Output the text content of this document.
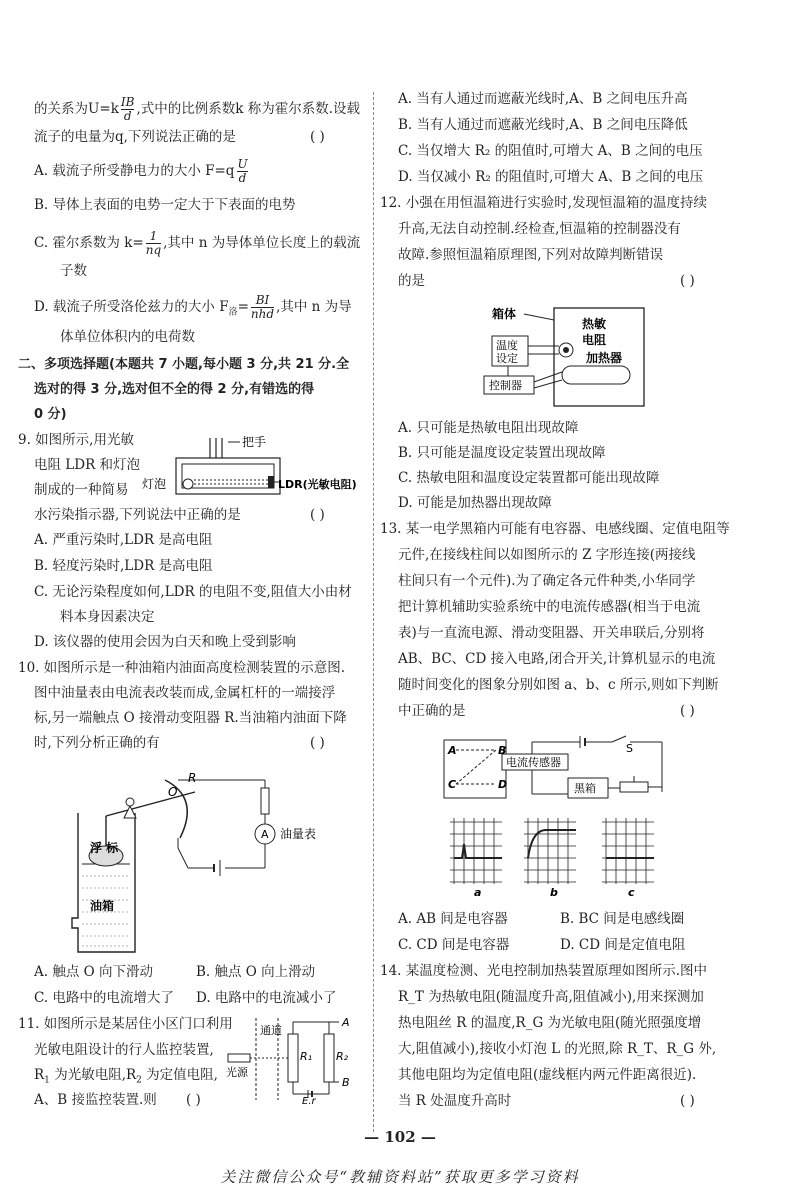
的关系为$U=k \frac{IB}{d}$ ,式中的比例系数k 称为霍尔系数.设载
流子的电量为q,下列说法正确的是	( )
A. 载流子所受静电力的大小 $F=q \frac{U}{d}$
B. 导体上表面的电势一定大于下表面的电势
C. 霍尔系数为 $k= \frac{1}{nq}$ ,其中 n 为导体单位长度上的载流
子数
D. 载流子所受洛伦兹力的大小 $F_洛=$ BI
nhd ,其中 n 为导
体单位体积内的电荷数
二、多项选择题(本题共 7 小题,每小题 3 分,共 21 分.全
选对的得 3 分,选对但不全的得 2 分,有错选的得
0 分)
9. 如图所示,用光敏
电阻 LDR 和灯泡
制成的一种简易
水污染指示器,下列说法中正确的是	( )
把手
灯泡	LDR(光敏电阻)
A. 严重污染时,LDR 是高电阻
B. 轻度污染时,LDR 是高电阻
C. 无论污染程度如何,LDR 的电阻不变,阻值大小由材
料本身因素决定
D. 该仪器的使用会因为白天和晚上受到影响
10. 如图所示是一种油箱内油面高度检测装置的示意图.
图中油量表由电流表改装而成,金属杠杆的一端接浮
标,另一端触点 O 接滑动变阻器 R.当油箱内油面下降
时,下列分析正确的有	( )
R
O
A 油量表
浮 标
油箱
A. 触点 O 向下滑动	B. 触点 O 向上滑动
C. 电路中的电流增大了 D. 电路中的电流减小了
11. 如图所示是某居住小区门口利用
光敏电阻设计的行人监控装置,
$R_1$ 为光敏电阻$,R_2$ 为定值电阻,
A、B 接监控装置.则 ( )
通道
光源
R₁ R₂
A
B
E,r
A. 当有人通过而遮蔽光线时,A、B 之间电压升高
B. 当有人通过而遮蔽光线时,A、B 之间电压降低
C. 当仅增大 R₂ 的阻值时,可增大 A、B 之间的电压
D. 当仅减小 R₂ 的阻值时,可增大 A、B 之间的电压
12. 小强在用恒温箱进行实验时,发现恒温箱的温度持续
升高,无法自动控制.经检查,恒温箱的控制器没有
故障.参照恒温箱原理图,下列对故障判断错误
的是	( )
箱体
热敏
电阻
加热器
温度
设定
控制器
A. 只可能是热敏电阻出现故障
B. 只可能是温度设定装置出现故障
C. 热敏电阻和温度设定装置都可能出现故障
D. 可能是加热器出现故障
13. 某一电学黑箱内可能有电容器、电感线圈、定值电阻等
元件,在接线柱间以如图所示的 Z 字形连接(两接线
柱间只有一个元件).为了确定各元件种类,小华同学
把计算机辅助实验系统中的电流传感器(相当于电流
表)与一直流电源、滑动变阻器、开关串联后,分别将
AB、BC、CD 接入电路,闭合开关,计算机显示的电流
随时间变化的图象分别如图 a、b、c 所示,则如下判断
中正确的是	( )
A	B
C	D
S
电流传感器
黑箱
a	b	c
A. AB 间是电容器	B. BC 间是电感线圈
C. CD 间是电容器	D. CD 间是定值电阻
14. 某温度检测、光电控制加热装置原理如图所示.图中
R_T 为热敏电阻(随温度升高,阻值减小),用来探测加
热电阻丝 R 的温度,R_G 为光敏电阻(随光照强度增
大,阻值减小),接收小灯泡 L 的光照,除 R_T、R_G 外,
其他电阻均为定值电阻(虚线框内两元件距离很近).
当 R 处温度升高时	( )
— 102 —
关注微信公众号“教辅资料站”获取更多学习资料
